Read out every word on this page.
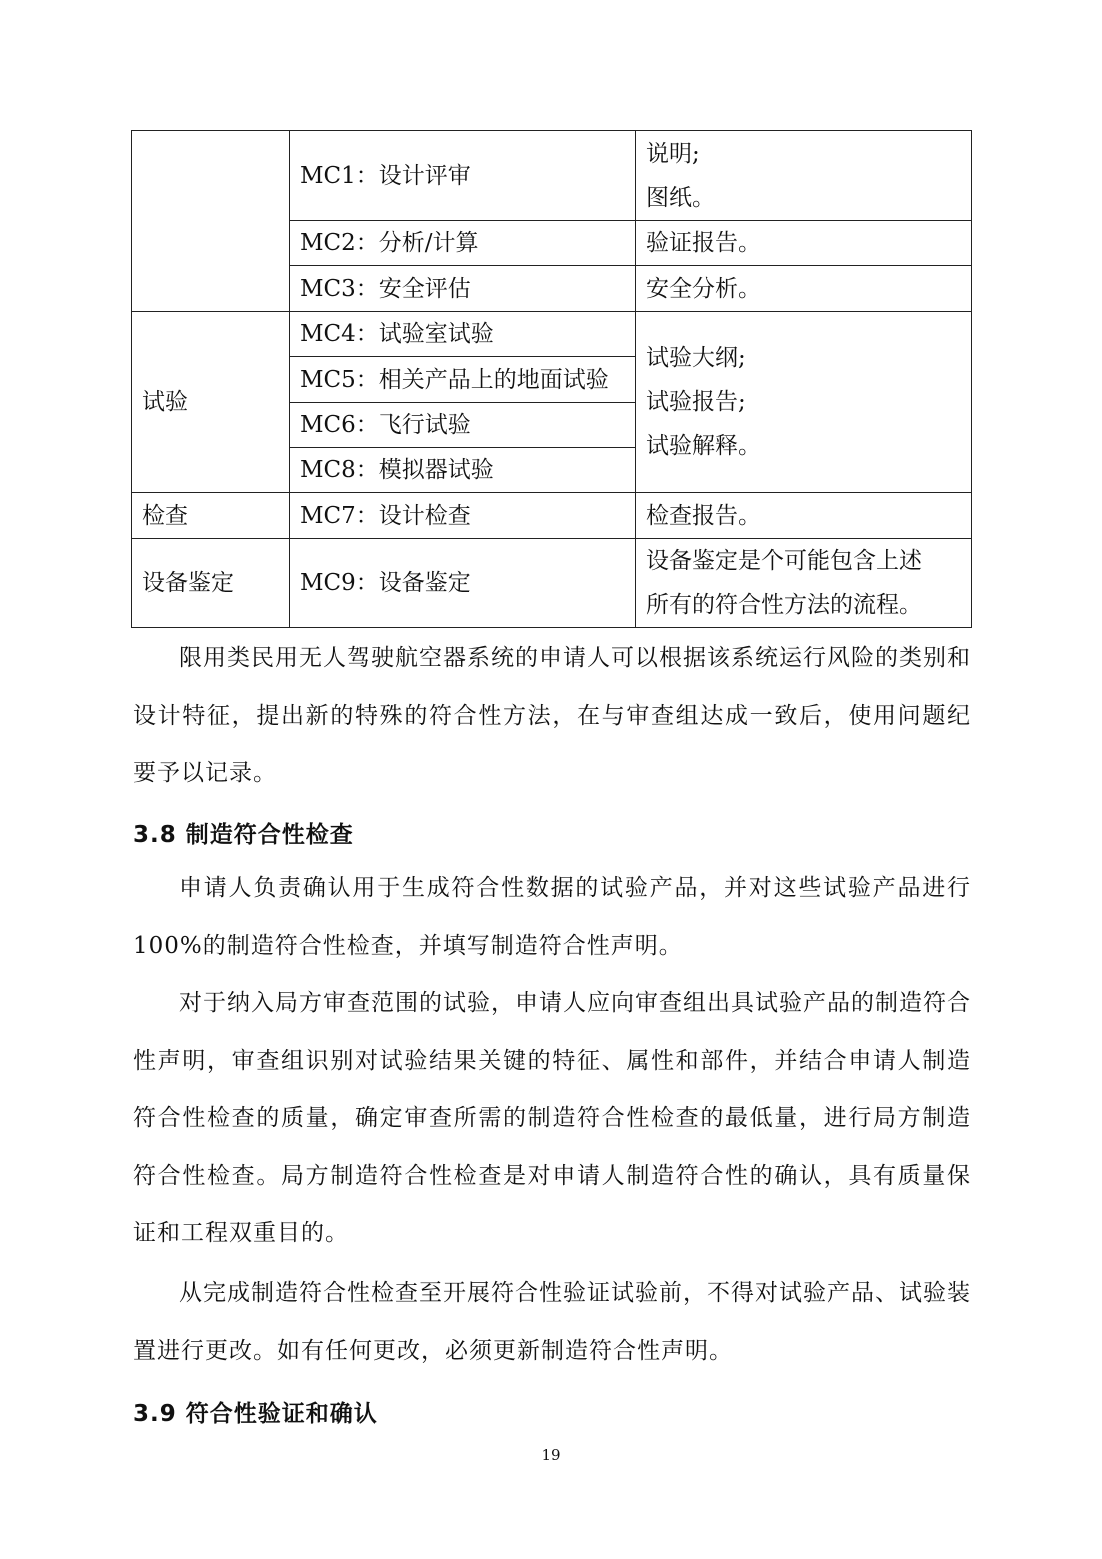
	MC1：设计评审	说明;
图纸。

	MC2：分析/计算	验证报告。
	MC3：安全评估	安全分析。
试验	MC4：试验室试验	试验大纲;
试验报告;
试验解释。

	MC5：相关产品上的地面试验	
	MC6：飞行试验	
	MC8：模拟器试验	
检查	MC7：设计检查	检查报告。
设备鉴定	MC9：设备鉴定	设备鉴定是个可能包含上述
所有的符合性方法的流程。

限用类民用无人驾驶航空器系统的申请人可以根据该系统运行风险的类别和设计特征，提出新的特殊的符合性方法，在与审查组达成一致后，使用问题纪要予以记录。

3.8 制造符合性检查

申请人负责确认用于生成符合性数据的试验产品，并对这些试验产品进行 100%的制造符合性检查，并填写制造符合性声明。

对于纳入局方审查范围的试验，申请人应向审查组出具试验产品的制造符合性声明，审查组识别对试验结果关键的特征、属性和部件，并结合申请人制造符合性检查的质量，确定审查所需的制造符合性检查的最低量，进行局方制造符合性检查。局方制造符合性检查是对申请人制造符合性的确认，具有质量保证和工程双重目的。

从完成制造符合性检查至开展符合性验证试验前，不得对试验产品、试验装置进行更改。如有任何更改，必须更新制造符合性声明。

3.9 符合性验证和确认
19
